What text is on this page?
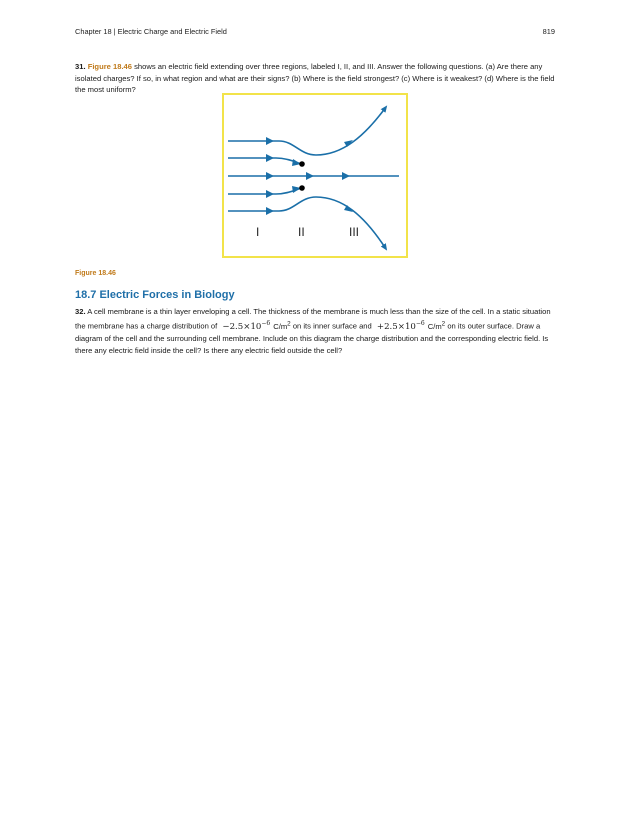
Chapter 18 | Electric Charge and Electric Field	819
31. Figure 18.46 shows an electric field extending over three regions, labeled I, II, and III. Answer the following questions. (a) Are there any isolated charges? If so, in what region and what are their signs? (b) Where is the field strongest? (c) Where is it weakest? (d) Where is the field the most uniform?
I	II	III
Figure 18.46
18.7 Electric Forces in Biology
32. A cell membrane is a thin layer enveloping a cell. The thickness of the membrane is much less than the size of the cell. In a static situation the membrane has a charge distribution of $-2.5\times 10^{-6}$ $C/m^2$ on its inner surface and $+2.5\times 10^{-6}$ $C/m^2$ on its outer surface. Draw a diagram of the cell and the surrounding cell membrane. Include on this diagram the charge distribution and the corresponding electric field. Is there any electric field inside the cell? Is there any electric field outside the cell?
